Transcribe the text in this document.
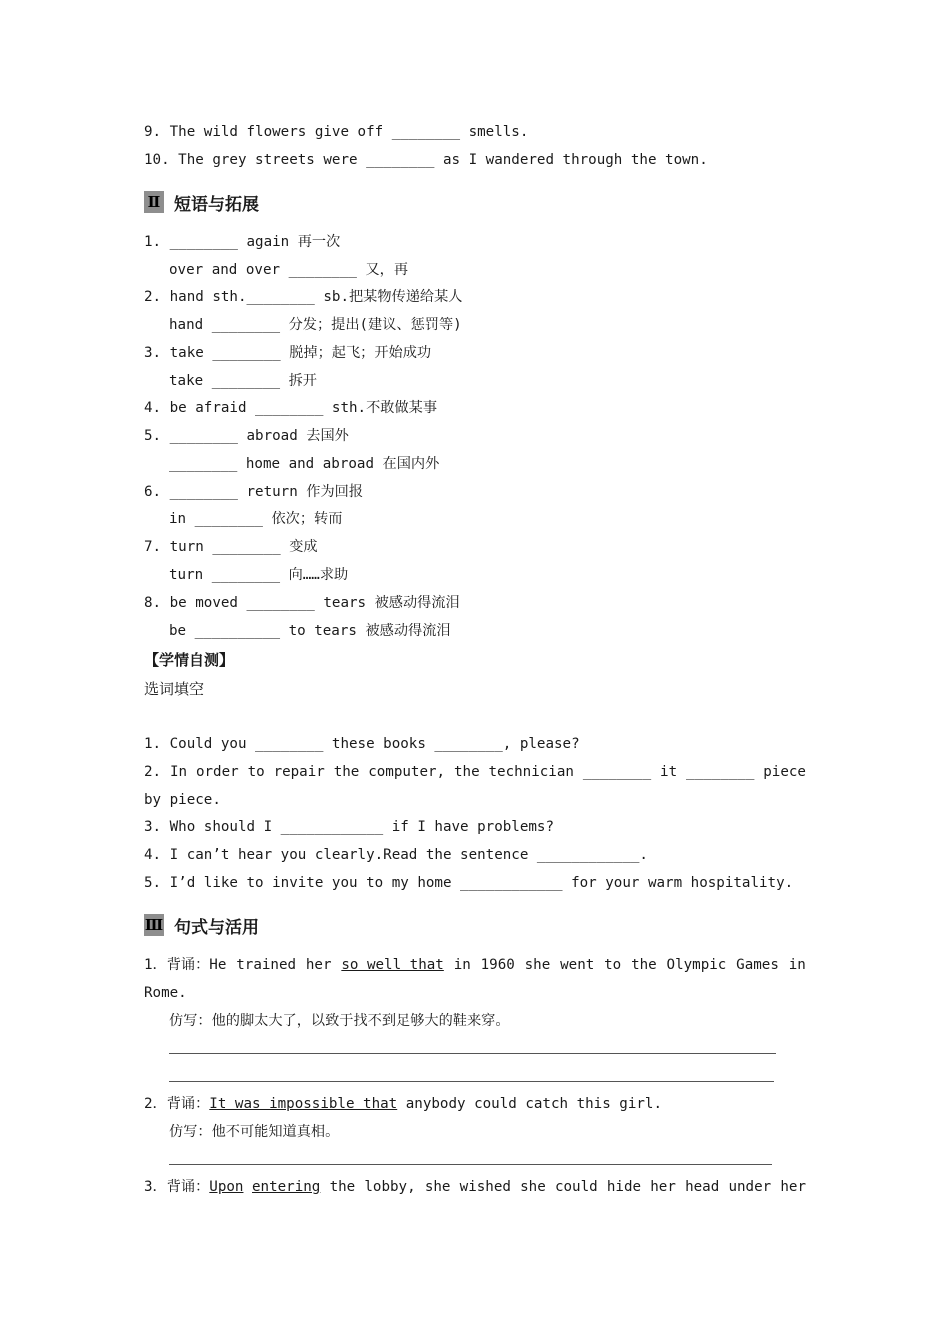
9. The wild flowers give off ________ smells.
10. The grey streets were ________ as I wandered through the town.
Ⅱ 短语与拓展
1. ________ again 再一次
over and over ________ 又，再
2. hand sth.________ sb.把某物传递给某人
hand ________ 分发；提出(建议、惩罚等)
3. take ________ 脱掉；起飞；开始成功
take ________ 拆开
4. be afraid ________ sth.不敢做某事
5. ________ abroad 去国外
________ home and abroad 在国内外
6. ________ return 作为回报
in ________ 依次；转而
7. turn ________ 变成
turn ________ 向……求助
8. be moved ________ tears 被感动得流泪
be __________ to tears 被感动得流泪
【学情自测】
选词填空
1. Could you ________ these books ________, please?
2. In order to repair the computer, the technician ________ it ________ piece
by piece.
3. Who should I ____________ if I have problems?
4. I can’t hear you clearly.Read the sentence ____________.
5. I’d like to invite you to my home ____________ for your warm hospitality.
Ⅲ 句式与活用
1．背诵：He trained her so well that in 1960 she went to the Olympic Games in
Rome.
仿写：他的脚太大了，以致于找不到足够大的鞋来穿。
2．背诵：It was impossible that anybody could catch this girl.
仿写：他不可能知道真相。
3．背诵：Upon entering the lobby, she wished she could hide her head under her
